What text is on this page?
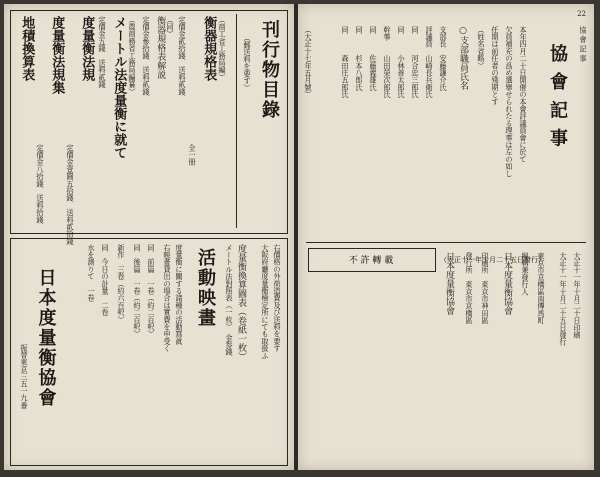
刊行物目錄
（郵送料を要す）
（商工省工務局編）
衡器規格表
全一冊
定價金貳拾錢　送料貳錢
（同）
衡器規格表解説
定價金參拾錢　送料貳錢
（農商務省工務局編纂）
メートル法度量衡に就て
定價金五錢　送料貳錢
度量衡法規
定價金壹圓五拾錢　送料貳拾錢
度量衡法規集
定價金八拾錢　送料拾錢
地積換算表
右價格の外荷造費及び送料を要す
大阪府廳度量衡檢定所にても取扱ふ
活動映畫 度量衡換算圖表（卷紙一枚）
メートル法對照表（一枚）　金参錢
度量衡に關する諸種の活動寫眞
右映畫貸出の場合は實費を申受く
同　前篇　一卷（約二百呎）
同　後篇　一卷（約二百呎）
新作　三卷（約六百呎）
同　今日の計量　二卷
水を測りて　一卷
日本度量衡協會
振替東京三五一九番
22
協 會 記 事
（大正十七年五月號）	協 會 記 事
本年四月二十日開催の本會評議員會に於て
欠員補充の爲め選擧せられたる理事は左の如し
任期は前任者の殘期とす
（姓名省略）
○支部職員氏名
支部長　安藤謙介氏
評議員　山崎長兵衛氏
同　　　河合忠三郎氏
同　　　小林善太郎氏
幹事　　山田榮次郎氏
同　　　佐藤義雄氏
同　　　杉本八郎氏
同　　　森田庄五郎氏
不 許 轉 載	（大正十一年十月二十五日發行）	大正十一年十月二十日印刷
大正十一年十月二十五日發行
東京市京橋區南傳馬町
編輯兼發行人
日本度量衡協會
印刷所　東京市神田區
發行所　東京市京橋區
日本度量衡協會
